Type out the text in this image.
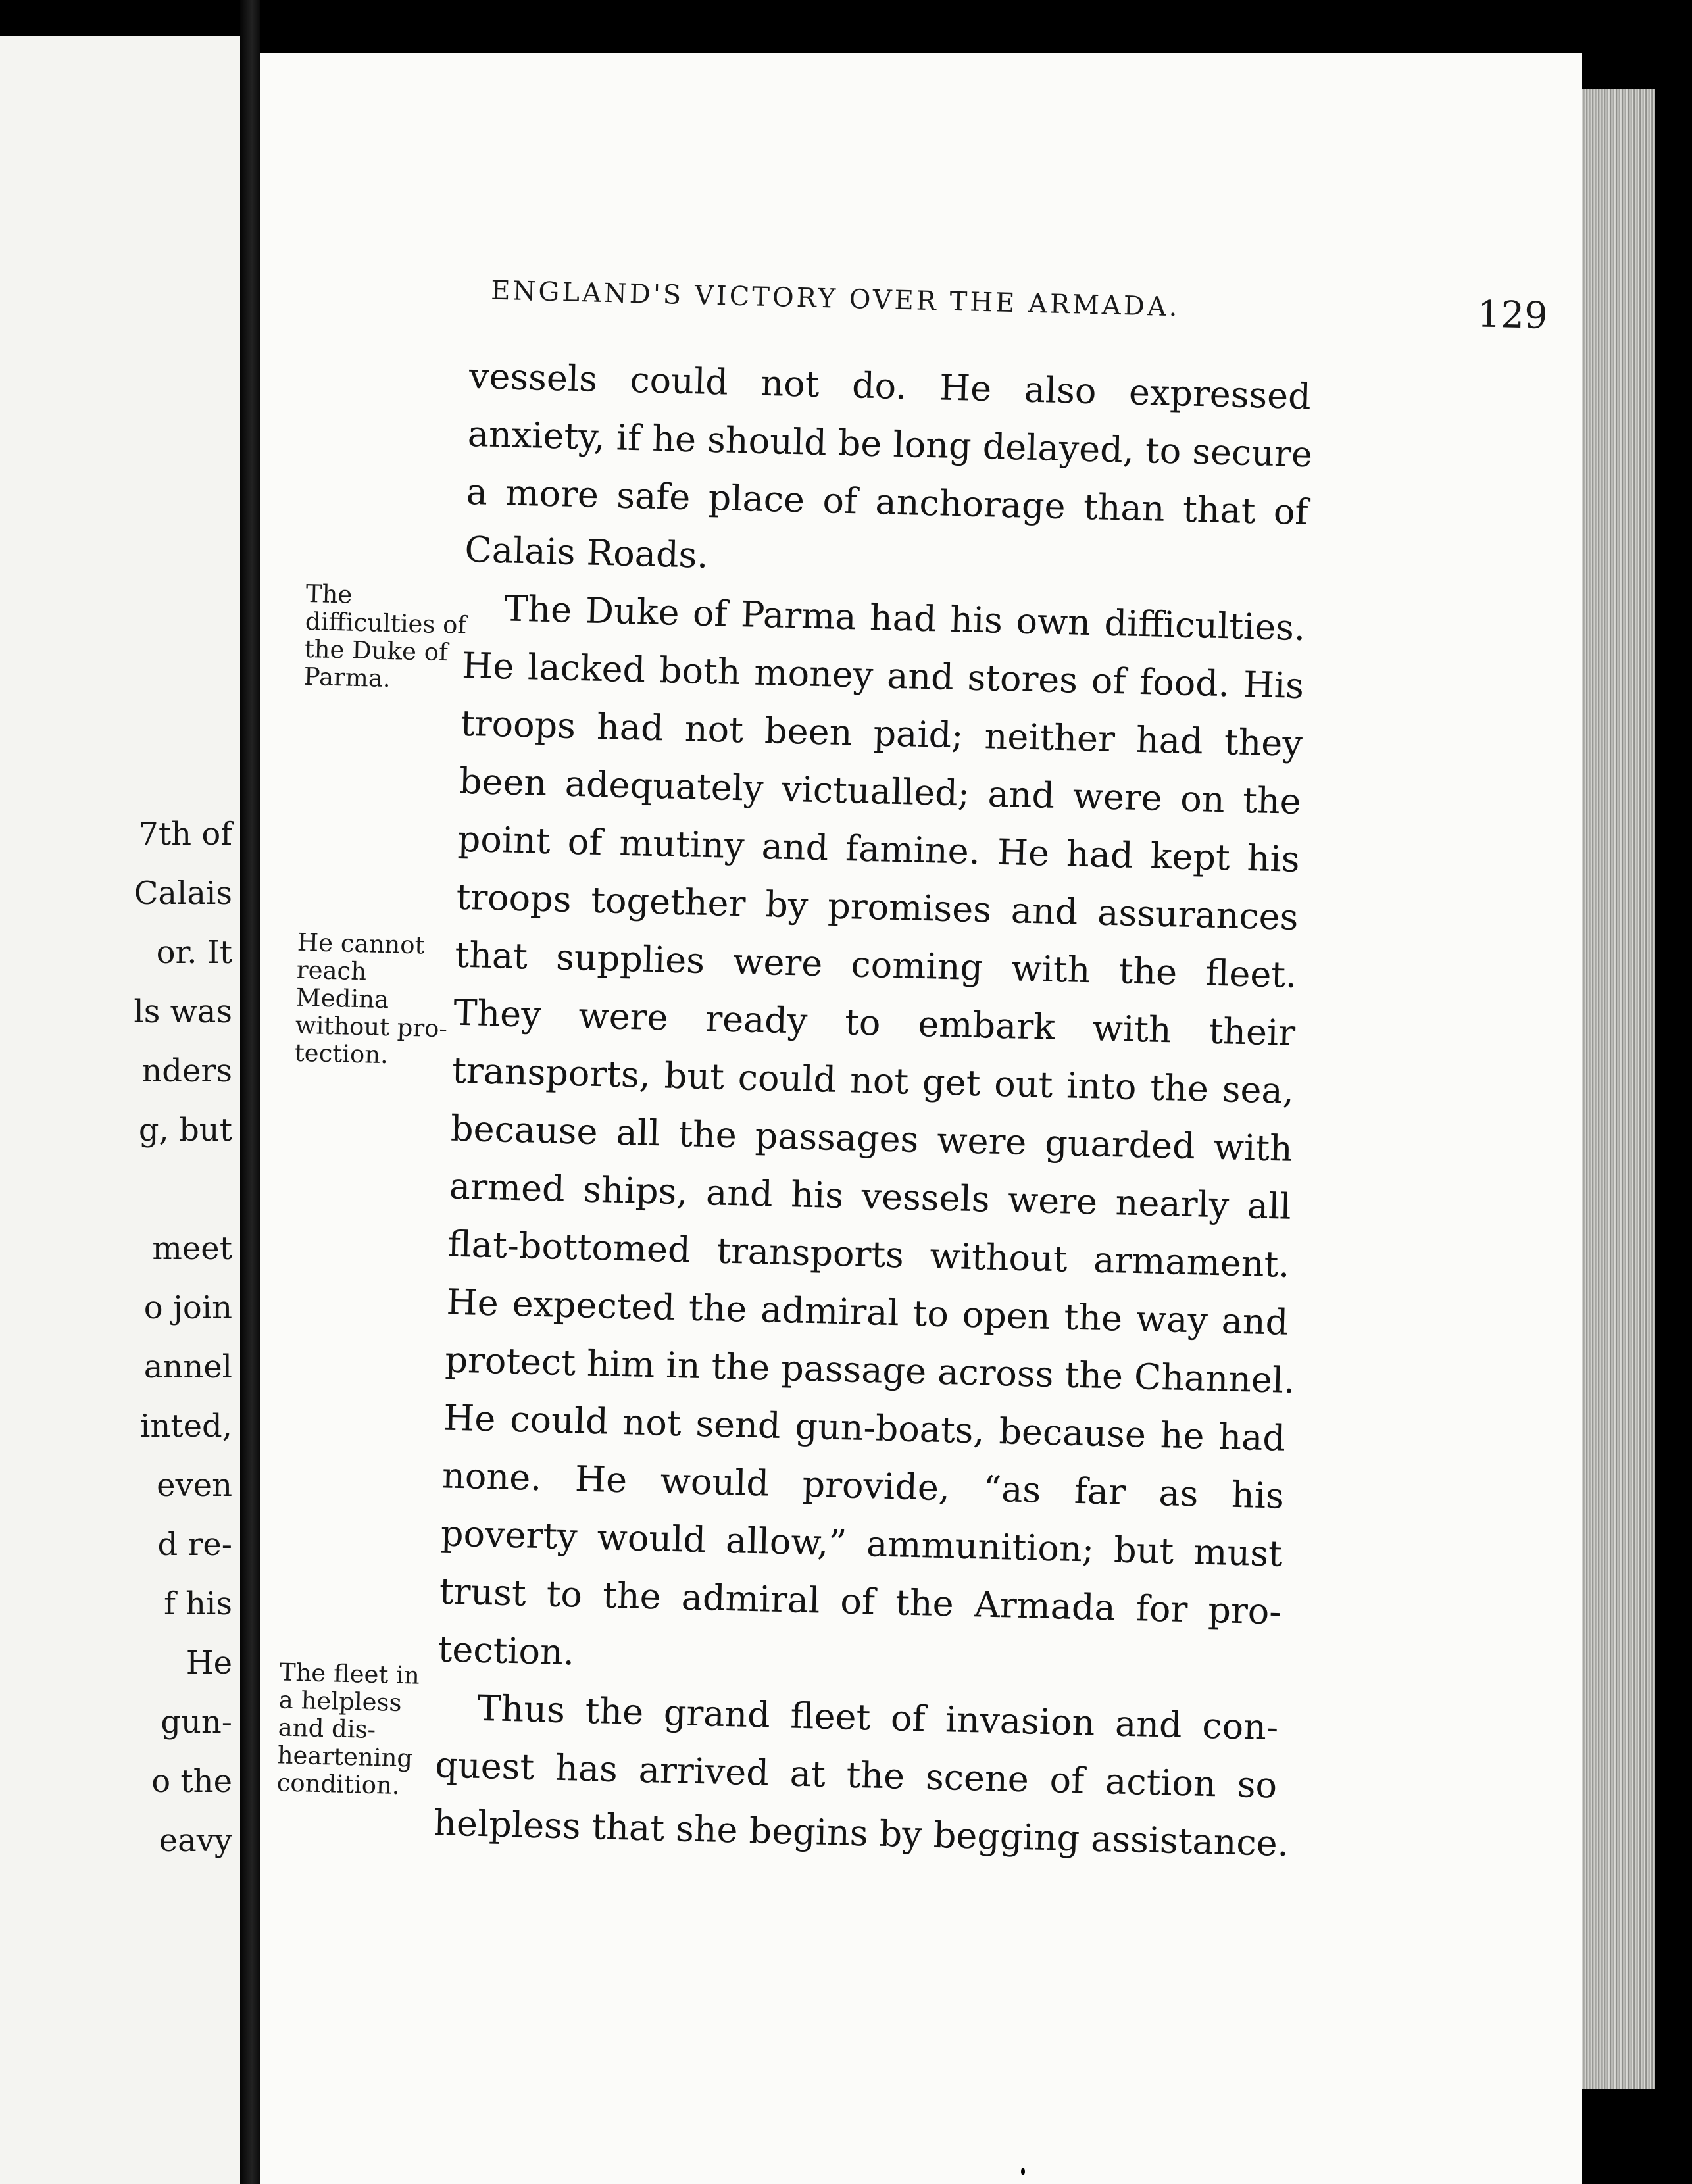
7th of
Calais
or. It
ls was
nders
g, but
meet
o join
annel
inted,
even
d re-
f his
He
gun-
o the
eavy
ENGLAND'S VICTORY OVER THE ARMADA.	129
vessels could not do. He also expressed
anxiety, if he should be long delayed, to secure
a more safe place of anchorage than that of
Calais Roads.
The Duke of Parma had his own difficulties.
He lacked both money and stores of food. His
troops had not been paid; neither had they
been adequately victualled; and were on the
point of mutiny and famine. He had kept his
troops together by promises and assurances
that supplies were coming with the fleet.
They were ready to embark with their
transports, but could not get out into the sea,
because all the passages were guarded with
armed ships, and his vessels were nearly all
flat-bottomed transports without armament.
He expected the admiral to open the way and
protect him in the passage across the Channel.
He could not send gun-boats, because he had
none. He would provide, “as far as his
poverty would allow,” ammunition; but must
trust to the admiral of the Armada for pro-
tection.
Thus the grand fleet of invasion and con-
quest has arrived at the scene of action so
helpless that she begins by begging assistance.
The
difficulties of
the Duke of
Parma.
He cannot
reach
Medina
without pro-
tection.
The fleet in
a helpless
and dis-
heartening
condition.
